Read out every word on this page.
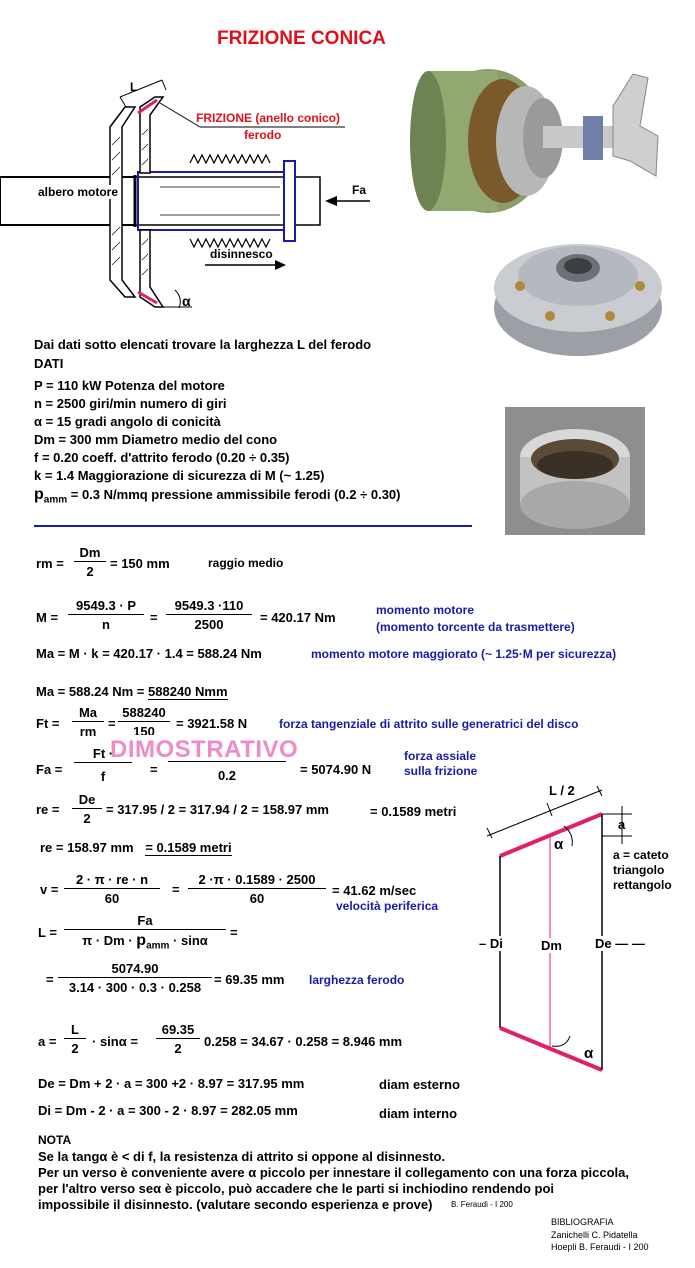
FRIZIONE CONICA
L
FRIZIONE (anello conico)
ferodo
albero motore	Fa
disinnesco
α
Dai dati sotto elencati trovare la larghezza L del ferodo
DATI
P = 110 kW Potenza del motore
n = 2500 giri/min numero di giri
α = 15 gradi angolo di conicità
Dm = 300 mm Diametro medio del cono
f = 0.20 coeff. d'attrito ferodo (0.20 ÷ 0.35)
k = 1.4 Maggiorazione di sicurezza di M (~ 1.25)
$p_{amm} = 0.3$ N/mmq pressione ammissibile ferodi (0.2 ÷ 0.30)
rm = $\frac{Dm}{2} = 150$ mm	raggio medio
$M = \frac{9549.3 \cdot P}{n} = \frac{9549.3 \cdot 110}{2500} = 420.17$ Nm	momento motore
(momento torcente da trasmettere)
Ma = M · k = 420.17 · 1.4 = 588.24 Nm	momento motore maggiorato (~ 1.25·M per sicurezza)
Ma = 588.24 Nm = 588240 Nmm
$Ft = \frac{Ma}{rm} = \frac{588240}{150} = 3921.58$ N	forza tangenziale di attrito sulle generatrici del disco
$Fa = \frac{Ft \cdot}{f}$ =	0.2	= 5074.90 N
forza assiale
sulla frizione
DIMOSTRATIVO
re = $\frac{De}{2} = 317.95 / 2 = 317.94 / 2 = 158.97$ mm	= 0.1589 metri
re = 158.97 mm = 0.1589 metri
$v = \frac{2 \cdot \pi \cdot re \cdot n}{60} = \frac{2 \cdot\pi \cdot 0.1589 \cdot 2500}{60} = 41.62$ m/sec
velocità periferica
L =
Fa
$\pi \cdot Dm \cdot p_{amm} \cdot \sin\alpha$
=
= $\frac{5074.90}{3.14 \cdot 300 \cdot 0.3 \cdot 0.258} = 69.35$ mm larghezza ferodo
$a = \frac{L}{2} \cdot \sin\alpha = \frac{69.35}{2} 0.258 = 34.67 \cdot 0.258 = 8.946$ mm
De = Dm + 2 · a = 300 +2 · 8.97 = 317.95 mm	diam esterno
Di = Dm - 2 · a = 300 - 2 · 8.97 = 282.05 mm	diam interno
L / 2
a
a = cateto
triangolo
rettangolo
α
α
– Di	Dm	De — —
NOTA
Se la tangα è < di f, la resistenza di attrito si oppone al disinnesto.
Per un verso è conveniente avere α piccolo per innestare il collegamento con una forza piccola,
per l'altro verso seα è piccolo, può accadere che le parti si inchiodino rendendo poi
impossibile il disinnesto. (valutare secondo esperienza e prove) B. Feraudi - I 200
BIBLIOGRAFIA
Zanichelli C. Pidatella
Hoepli B. Feraudi - I 200
